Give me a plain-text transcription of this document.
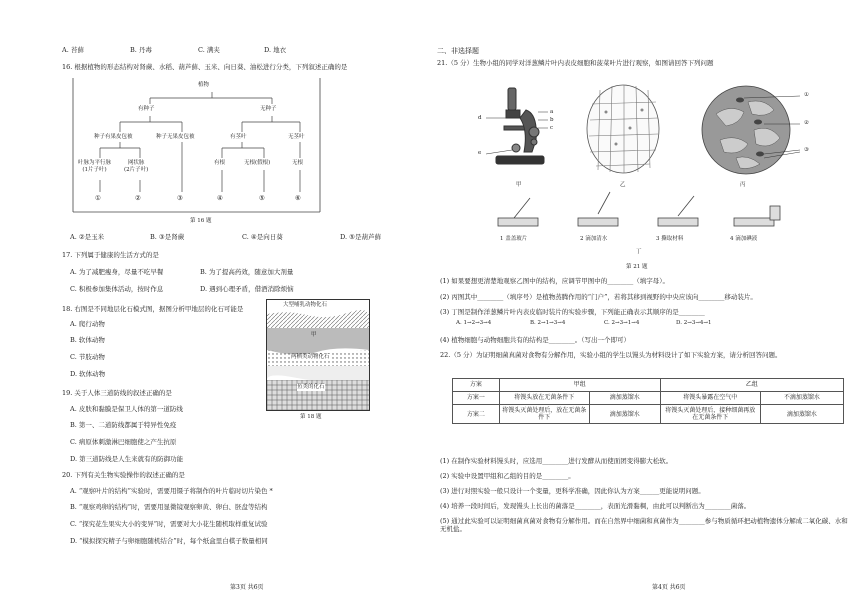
A. 苔藓	B. 丹毒	C. 满夹	D. 地衣
16. 根据植物的形态结构对肾蕨、水稻、葫芦藓、玉米、向日葵、油松进行分类，下列叙述正确的是
植物
有种子	无种子
种子有果皮包被	种子无果皮包被	有茎叶	无茎叶
叶脉为平行脉
(1片子叶)
网状脉
(2片子叶)
有根	无根(假根)	无根
①	②	③	④	⑤	⑥
第 16 题
A. ②是玉米	B. ③是肾蕨	C. ④是向日葵	D. ⑤是葫芦藓
17. 下列属于健康的生活方式的是
A. 为了减肥瘦身，尽量不吃早餐	B. 为了提高药效，随意加大剂量
C. 积极参加集体活动，按时作息	D. 遇到心理矛盾，借酒消除烦恼
18. 右图是不同地层化石模式图，据图分析甲地层的化石可能是
A. 爬行动物
B. 软体动物
C. 节肢动物
D. 软体动物
大型哺乳动物化石
甲
两栖类动物化石
鱼类的化石
第 18 题
19. 关于人体三道防线的叙述正确的是
A. 皮肤和黏膜是保卫人体的第一道防线
B. 第一、二道防线都属于特异性免疫
C. 病原体刺激淋巴细胞使之产生抗原
D. 第三道防线是人生来就有的防御功能
20. 下列有关生物实验操作的叙述正确的是
A. “观察叶片的结构”实验时，需要用镊子将制作的叶片临时切片染色 *
B. “观察鸡卵的结构”时，需要用显微镜观察卵黄、卵白、胚盘等结构
C. “探究花生果实大小的变异”时，需要对大小花生随机取样重复试验
D. “模拟探究精子与卵细胞随机结合”时，每个纸盒里白棋子数量相同
第3页 共6页
二、非选择题
21.（5 分）生物小组的同学对洋葱鳞片叶内表皮细胞和菠菜叶片进行观察，如图请回答下列问题
d
a
b
c
e
甲	乙
①
②
③
丙
1 盖盖玻片	2 滴加清水	3 撕取材料	4 滴加碘液
丁
第 21 题
(1) 如果要想更清楚地观察乙图中的结构，应调节甲图中的________（填字母）。
(2) 丙图其中________（填序号）是植物蒸腾作用的“门户”，若将其移到视野的中央应该向________移动装片。
(3) 丁图是制作洋葱鳞片叶内表皮临时装片的实验步骤，下列能正确表示其顺序的是________
A. 1→2→3→4	B. 2→1→3→4	C. 2→3→1→4	D. 2→3→4→1
(4) 植物细胞与动物细胞共有的结构是________。（写出一个即可）
22.（5 分）为证明细菌真菌对食物有分解作用，实验小组的学生以馒头为材料设计了如下实验方案，请分析回答问题。
方案	甲组		乙组	
方案一	将馒头放在无菌条件下	滴加蒸馏水	将馒头暴露在空气中	不滴加蒸馏水
方案二	将馒头灭菌处理后，放在无菌条件下	滴加蒸馏水	将馒头灭菌处理后，接种细菌再放在无菌条件下	滴加蒸馏水
(1) 在制作实验材料馒头时，应选用________进行发酵从而使面团变得膨大松软。
(2) 实验中设置甲组和乙组的目的是________。
(3) 进行对照实验一般只设计一个变量，更科学准确，因此你认为方案______更能说明问题。
(4) 培养一段时间后，发现馒头上长出的菌落是________，表面光滑黏稠，由此可以判断出为________菌落。
(5) 通过此实验可以证明细菌真菌对食物有分解作用。而在自然界中细菌和真菌作为________参与物质循环把动植物遗体分解成二氧化碳、水和无机盐。
第4页 共6页
